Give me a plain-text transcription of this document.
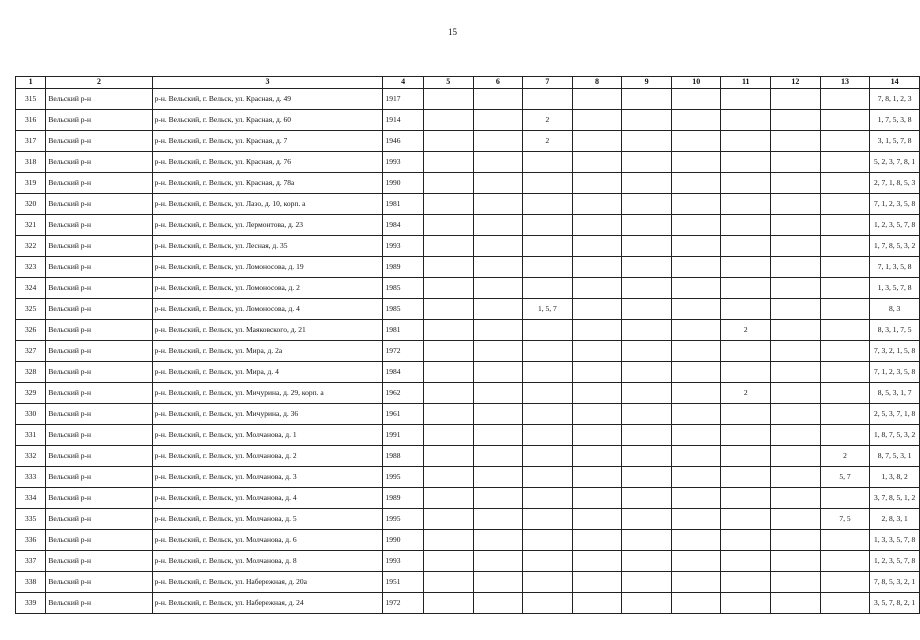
15
1	2	3	4	5	6	7	8	9	10	11	12	13	14
315	Вельский р-н	р-н. Вельский, г. Вельск, ул. Красная, д. 49	1917										7, 8, 1, 2, 3
316	Вельский р-н	р-н. Вельский, г. Вельск, ул. Красная, д. 60	1914			2							1, 7, 5, 3, 8
317	Вельский р-н	р-н. Вельский, г. Вельск, ул. Красная, д. 7	1946			2							3, 1, 5, 7, 8
318	Вельский р-н	р-н. Вельский, г. Вельск, ул. Красная, д. 76	1993										5, 2, 3, 7, 8, 1
319	Вельский р-н	р-н. Вельский, г. Вельск, ул. Красная, д. 78а	1990										2, 7, 1, 8, 5, 3
320	Вельский р-н	р-н. Вельский, г. Вельск, ул. Лазо, д. 10, корп. а	1981										7, 1, 2, 3, 5, 8
321	Вельский р-н	р-н. Вельский, г. Вельск, ул. Лермонтова, д. 23	1984										1, 2, 3, 5, 7, 8
322	Вельский р-н	р-н. Вельский, г. Вельск, ул. Лесная, д. 35	1993										1, 7, 8, 5, 3, 2
323	Вельский р-н	р-н. Вельский, г. Вельск, ул. Ломоносова, д. 19	1989										7, 1, 3, 5, 8
324	Вельский р-н	р-н. Вельский, г. Вельск, ул. Ломоносова, д. 2	1985										1, 3, 5, 7, 8
325	Вельский р-н	р-н. Вельский, г. Вельск, ул. Ломоносова, д. 4	1985			1, 5, 7							8, 3
326	Вельский р-н	р-н. Вельский, г. Вельск, ул. Маяковского, д. 21	1981							2			8, 3, 1, 7, 5
327	Вельский р-н	р-н. Вельский, г. Вельск, ул. Мира, д. 2а	1972										7, 3, 2, 1, 5, 8
328	Вельский р-н	р-н. Вельский, г. Вельск, ул. Мира, д. 4	1984										7, 1, 2, 3, 5, 8
329	Вельский р-н	р-н. Вельский, г. Вельск, ул. Мичурина, д. 29, корп. а	1962							2			8, 5, 3, 1, 7
330	Вельский р-н	р-н. Вельский, г. Вельск, ул. Мичурина, д. 36	1961										2, 5, 3, 7, 1, 8
331	Вельский р-н	р-н. Вельский, г. Вельск, ул. Молчанова, д. 1	1991										1, 8, 7, 5, 3, 2
332	Вельский р-н	р-н. Вельский, г. Вельск, ул. Молчанова, д. 2	1988									2	8, 7, 5, 3, 1
333	Вельский р-н	р-н. Вельский, г. Вельск, ул. Молчанова, д. 3	1995									5, 7	1, 3, 8, 2
334	Вельский р-н	р-н. Вельский, г. Вельск, ул. Молчанова, д. 4	1989										3, 7, 8, 5, 1, 2
335	Вельский р-н	р-н. Вельский, г. Вельск, ул. Молчанова, д. 5	1995									7, 5	2, 8, 3, 1
336	Вельский р-н	р-н. Вельский, г. Вельск, ул. Молчанова, д. 6	1990										1, 3, 3, 5, 7, 8
337	Вельский р-н	р-н. Вельский, г. Вельск, ул. Молчанова, д. 8	1993										1, 2, 3, 5, 7, 8
338	Вельский р-н	р-н. Вельский, г. Вельск, ул. Набережная, д. 20а	1951										7, 8, 5, 3, 2, 1
339	Вельский р-н	р-н. Вельский, г. Вельск, ул. Набережная, д. 24	1972										3, 5, 7, 8, 2, 1
